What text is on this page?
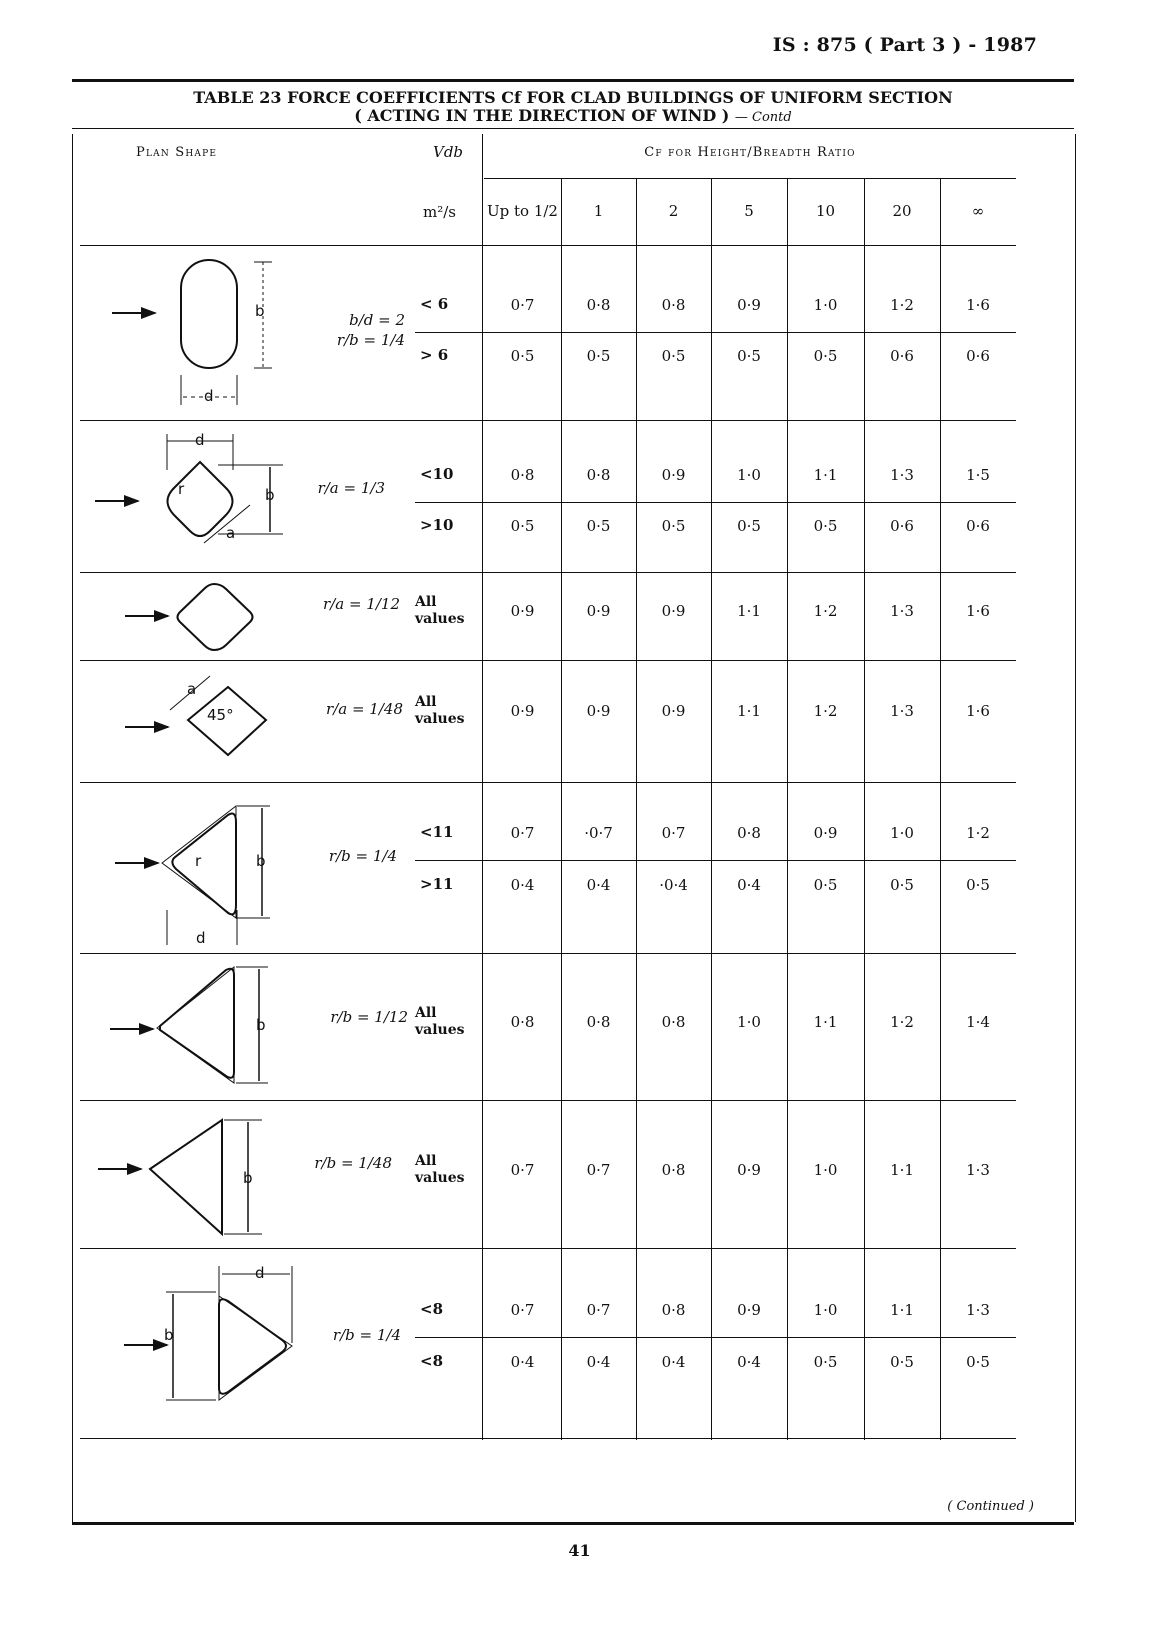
IS : 875 ( Part 3 ) - 1987
TABLE 23 FORCE COEFFICIENTS Cf FOR CLAD BUILDINGS OF UNIFORM SECTION
( ACTING IN THE DIRECTION OF WIND ) — Contd
Plan Shape	Vdb
m²/s
Cf for Height/Breadth Ratio
Up to 1/2	1	2	5	10	20	∞
b/d = 2
r/b = 1/4
< 6	0·7	0·8	0·8	0·9	1·0	1·2	1·6
> 6	0·5	0·5	0·5	0·5	0·5	0·6	0·6
r/a = 1/3
<10	0·8	0·8	0·9	1·0	1·1	1·3	1·5
>10	0·5	0·5	0·5	0·5	0·5	0·6	0·6
r/a = 1/12 All
values	0·9	0·9	0·9	1·1	1·2	1·3	1·6
r/a = 1/48 All
values	0·9	0·9	0·9	1·1	1·2	1·3	1·6
r/b = 1/4
<11	0·7	·0·7	0·7	0·8	0·9	1·0	1·2
>11	0·4	0·4	·0·4	0·4	0·5	0·5	0·5
r/b = 1/12 All
values	0·8	0·8	0·8	1·0	1·1	1·2	1·4
r/b = 1/48 All
values	0·7	0·7	0·8	0·9	1·0	1·1	1·3
r/b = 1/4
<8	0·7	0·7	0·8	0·9	1·0	1·1	1·3
<8	0·4	0·4	0·4	0·4	0·5	0·5	0·5
b
d
d
b
r
a
a
45°
r	b
d
b
b
d
b
( Continued )
41
